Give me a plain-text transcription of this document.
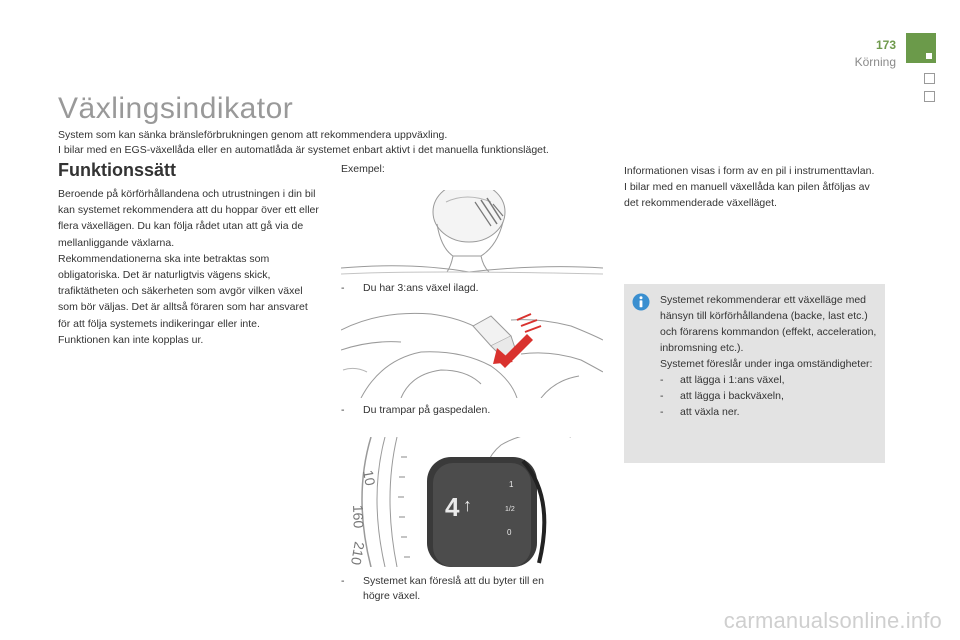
173
Körning
Växlingsindikator
System som kan sänka bränsleförbrukningen genom att rekommendera uppväxling.
I bilar med en EGS-växellåda eller en automatlåda är systemet enbart aktivt i det manuella funktionsläget.
Funktionssätt

Beroende på körförhållandena och utrustningen i din bil kan systemet rekommendera att du hoppar över ett eller flera växellägen. Du kan följa rådet utan att gå via de mellanliggande växlarna.

Rekommendationerna ska inte betraktas som obligatoriska. Det är naturligtvis vägens skick, trafiktätheten och säkerheten som avgör vilken växel som bör väljas. Det är alltså föraren som har ansvaret för att följa systemets indikeringar eller inte.

Funktionen kan inte kopplas ur.

Exempel:
- Du har 3:ans växel ilagd.
- Du trampar på gaspedalen.
4 ↑
1
1/2
0
10
160
210
- Systemet kan föreslå att du byter till en
högre växel.

Informationen visas i form av en pil i instrumenttavlan.

I bilar med en manuell växellåda kan pilen åtföljas av det rekommenderade växelläget.

Systemet rekommenderar ett växelläge med hänsyn till körförhållandena (backe, last etc.) och förarens kommandon (effekt, acceleration, inbromsning etc.).

Systemet föreslår under inga omständigheter:

- att lägga i 1:ans växel,
- att lägga i backväxeln,
- att växla ner.
carmanualsonline.info
